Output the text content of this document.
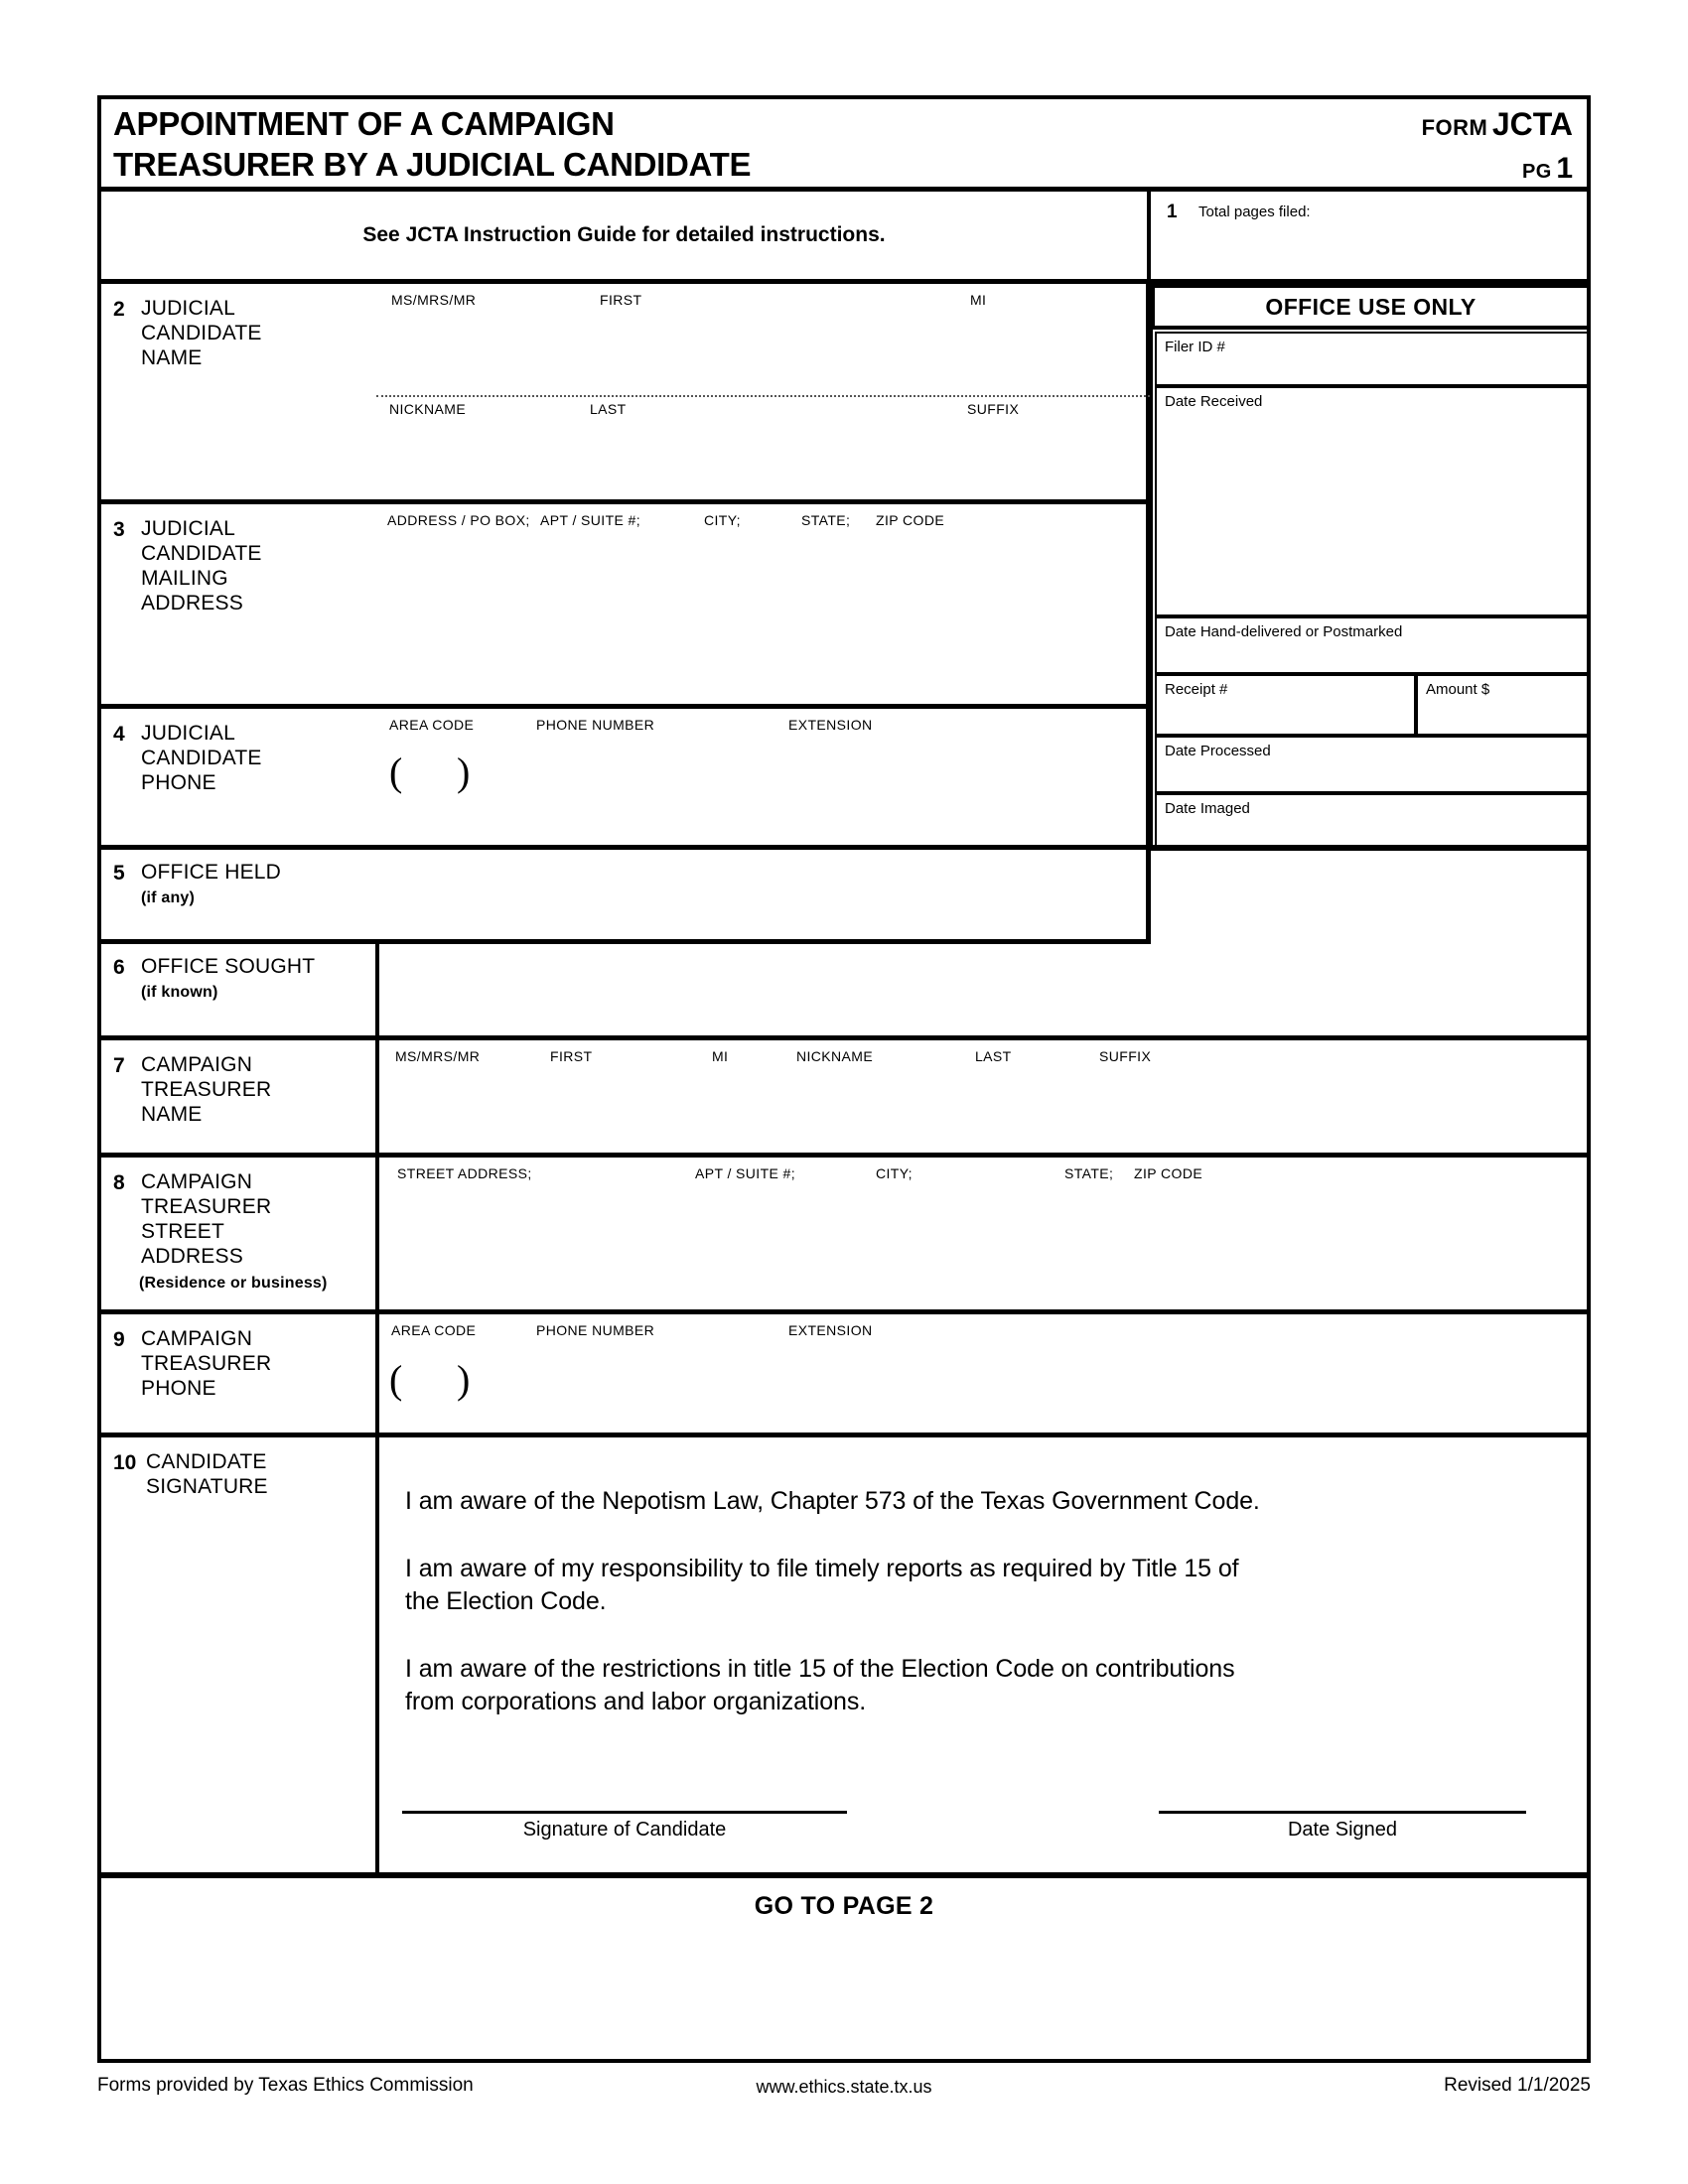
APPOINTMENT OF A CAMPAIGN
TREASURER BY A JUDICIAL CANDIDATE
FORM JCTA
PG 1
See JCTA Instruction Guide for detailed instructions.
1 Total pages filed:
OFFICE USE ONLY
Filer ID #
Date Received
Date Hand-delivered or Postmarked
Receipt #	Amount $
Date Processed
Date Imaged
2 JUDICIAL
CANDIDATE
NAME
MS/MRS/MR	FIRST	MI
NICKNAME	LAST	SUFFIX
3 JUDICIAL
CANDIDATE
MAILING
ADDRESS
ADDRESS / PO BOX; APT / SUITE #;	CITY;	STATE; ZIP CODE
4 JUDICIAL
CANDIDATE
PHONE
AREA CODE	PHONE NUMBER	EXTENSION
( )
5 OFFICE HELD
(if any)
6 OFFICE SOUGHT
(if known)
7 CAMPAIGN
TREASURER
NAME
MS/MRS/MR	FIRST	MI	NICKNAME	LAST	SUFFIX
8 CAMPAIGN
TREASURER
STREET
ADDRESS
(Residence or business)
STREET ADDRESS;	APT / SUITE #;	CITY;	STATE; ZIP CODE
9 CAMPAIGN
TREASURER
PHONE
AREA CODE	PHONE NUMBER	EXTENSION
( )
10 CANDIDATE
SIGNATURE
I am aware of the Nepotism Law, Chapter 573 of the Texas Government Code.
I am aware of my responsibility to file timely reports as required by Title 15 of
the Election Code.
I am aware of the restrictions in title 15 of the Election Code on contributions
from corporations and labor organizations.
Signature of Candidate	Date Signed
GO TO PAGE 2
Forms provided by Texas Ethics Commission	www.ethics.state.tx.us	Revised 1/1/2025
